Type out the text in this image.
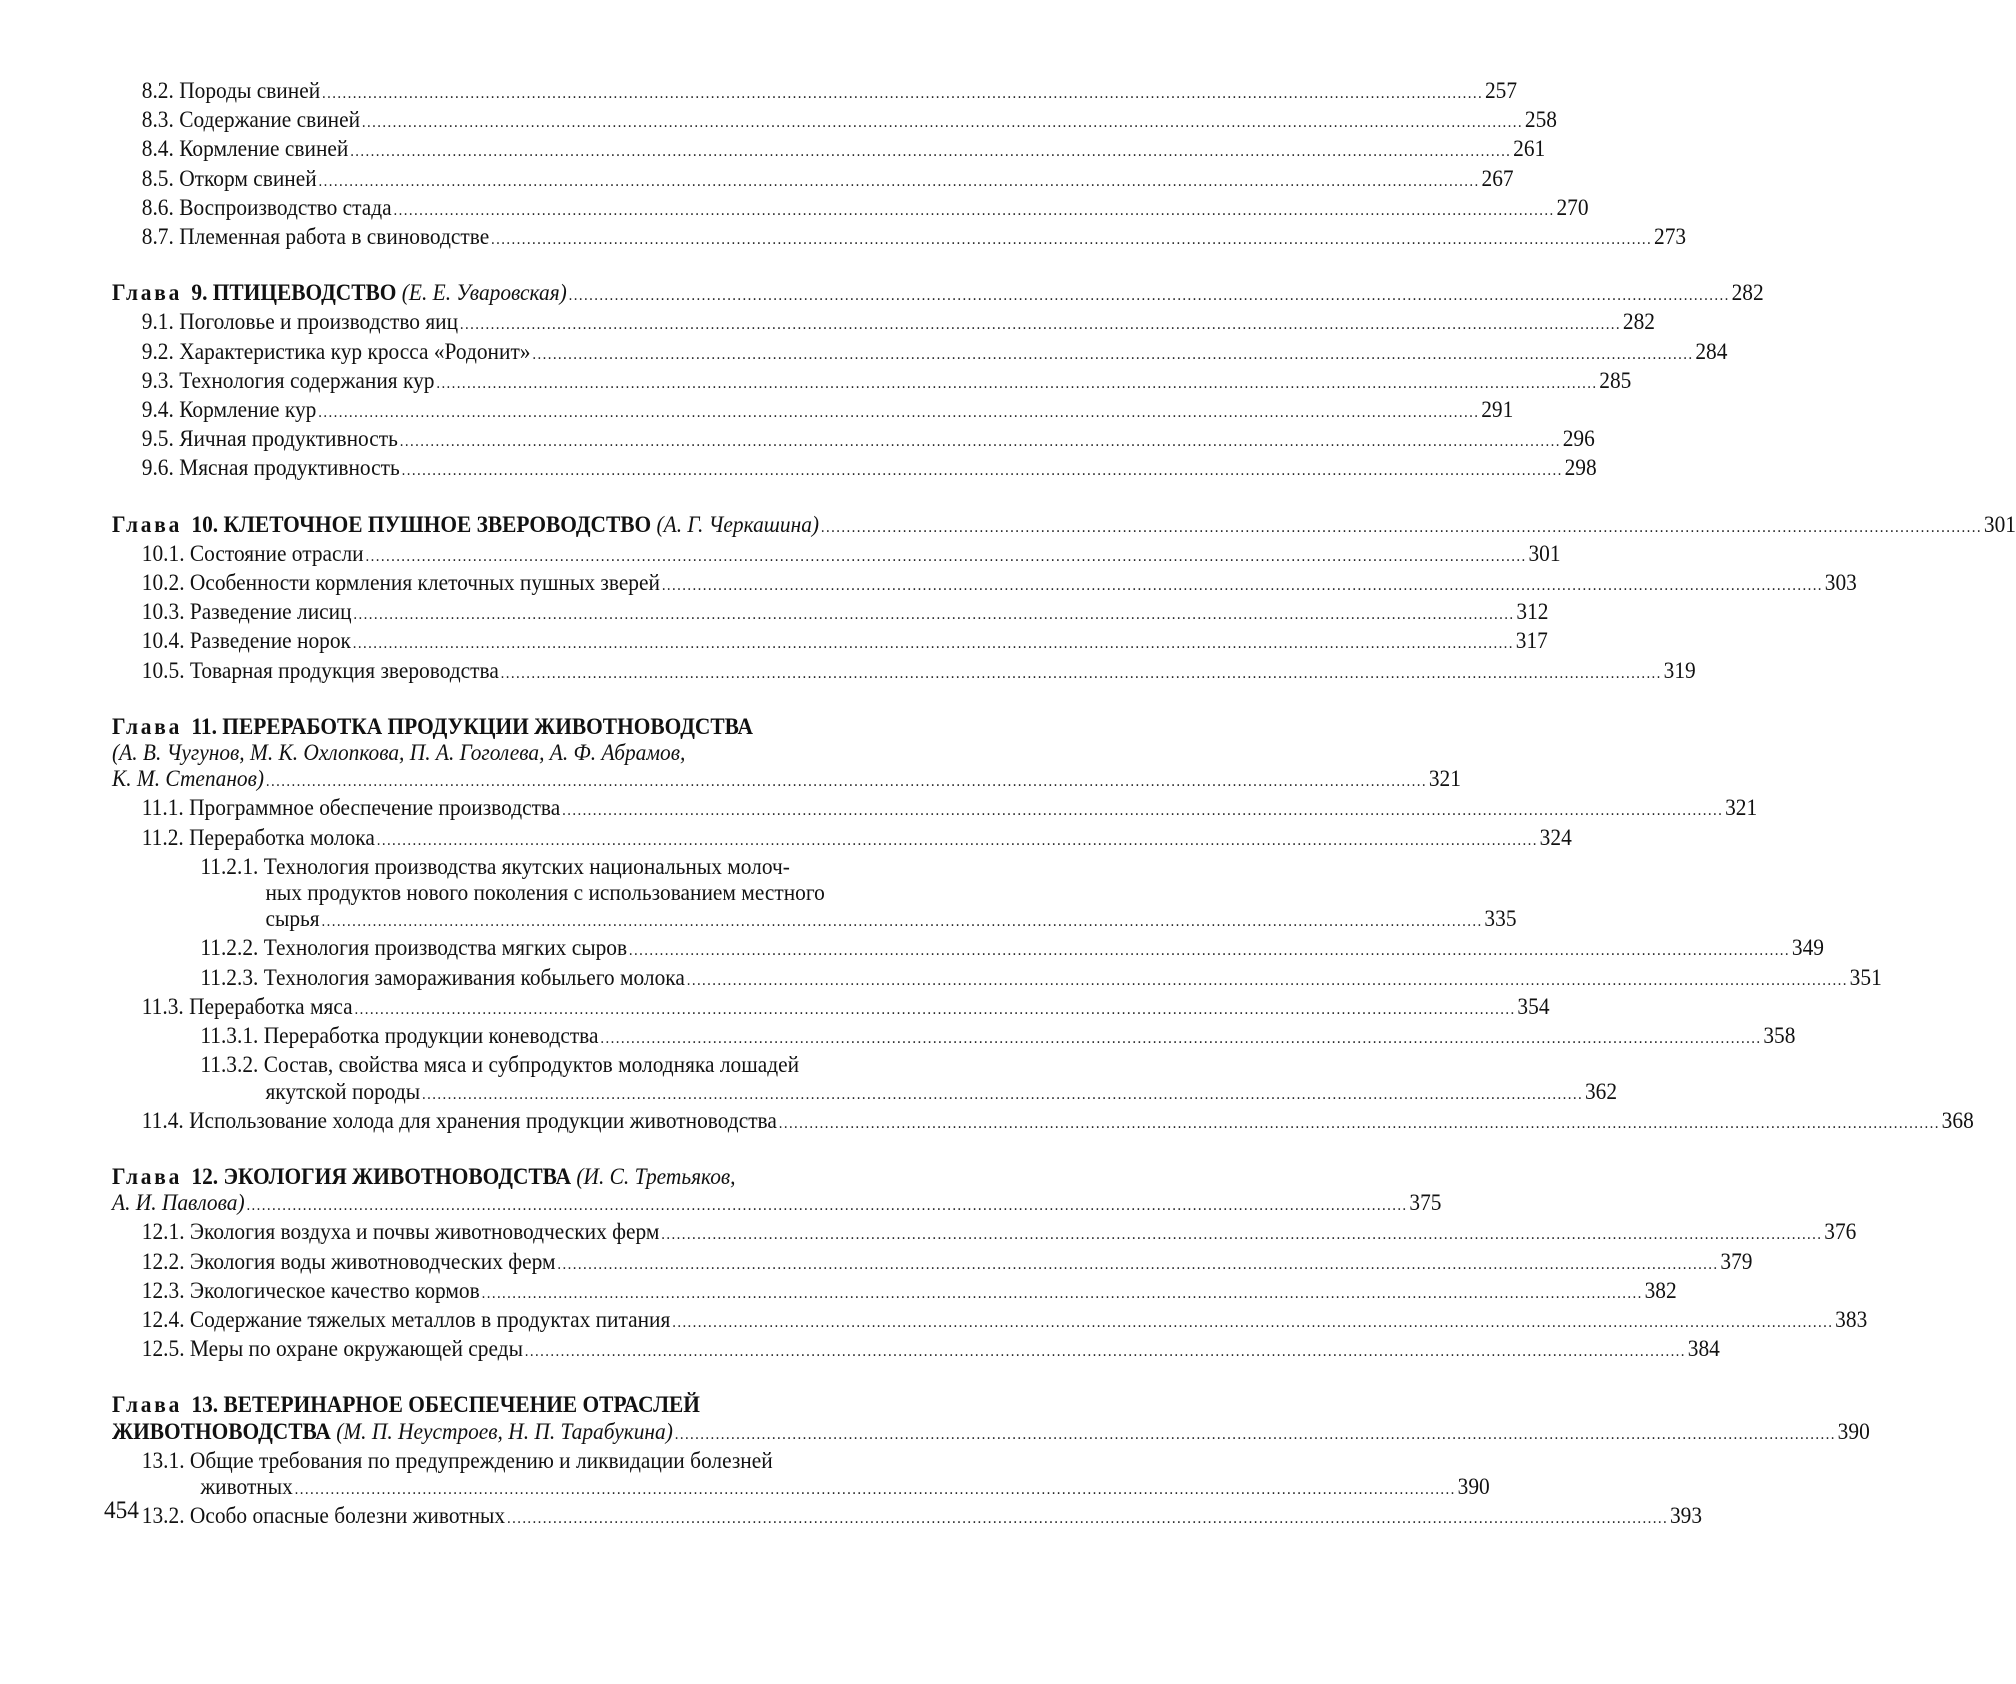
8.2. Породы свиней .....	257
8.3. Содержание свиней .....	258
8.4. Кормление свиней .....	261
8.5. Откорм свиней .....	267
8.6. Воспроизводство стада .....	270
8.7. Племенная работа в свиноводстве .....	273
Глава 9. ПТИЦЕВОДСТВО (Е. Е. Уваровская) .....	282
9.1. Поголовье и производство яиц .....	282
9.2. Характеристика кур кросса «Родонит» .....	284
9.3. Технология содержания кур .....	285
9.4. Кормление кур .....	291
9.5. Яичная продуктивность .....	296
9.6. Мясная продуктивность .....	298
Глава 10. КЛЕТОЧНОЕ ПУШНОЕ ЗВЕРОВОДСТВО (А. Г. Черкашина) .....	301
10.1. Состояние отрасли .....	301
10.2. Особенности кормления клеточных пушных зверей .....	303
10.3. Разведение лисиц .....	312
10.4. Разведение норок .....	317
10.5. Товарная продукция звероводства .....	319
Глава 11. ПЕРЕРАБОТКА ПРОДУКЦИИ ЖИВОТНОВОДСТВА
(А. В. Чугунов, М. К. Охлопкова, П. А. Гоголева, А. Ф. Абрамов,
К. М. Степанов) .....	321
11.1. Программное обеспечение производства .....	321
11.2. Переработка молока .....	324
11.2.1. Технология производства якутских национальных молоч-
ных продуктов нового поколения с использованием местного
сырья .....	335
11.2.2. Технология производства мягких сыров .....	349
11.2.3. Технология замораживания кобыльего молока .....	351
11.3. Переработка мяса .....	354
11.3.1. Переработка продукции коневодства .....	358
11.3.2. Состав, свойства мяса и субпродуктов молодняка лошадей
якутской породы .....	362
11.4. Использование холода для хранения продукции животноводства .....	368
Глава 12. ЭКОЛОГИЯ ЖИВОТНОВОДСТВА (И. С. Третьяков,
А. И. Павлова) .....	375
12.1. Экология воздуха и почвы животноводческих ферм .....	376
12.2. Экология воды животноводческих ферм .....	379
12.3. Экологическое качество кормов .....	382
12.4. Содержание тяжелых металлов в продуктах питания .....	383
12.5. Меры по охране окружающей среды .....	384
Глава 13. ВЕТЕРИНАРНОЕ ОБЕСПЕЧЕНИЕ ОТРАСЛЕЙ
ЖИВОТНОВОДСТВА (М. П. Неустроев, Н. П. Тарабукина) .....	390
13.1. Общие требования по предупреждению и ликвидации болезней
животных .....	390
13.2. Особо опасные болезни животных .....	393
454
